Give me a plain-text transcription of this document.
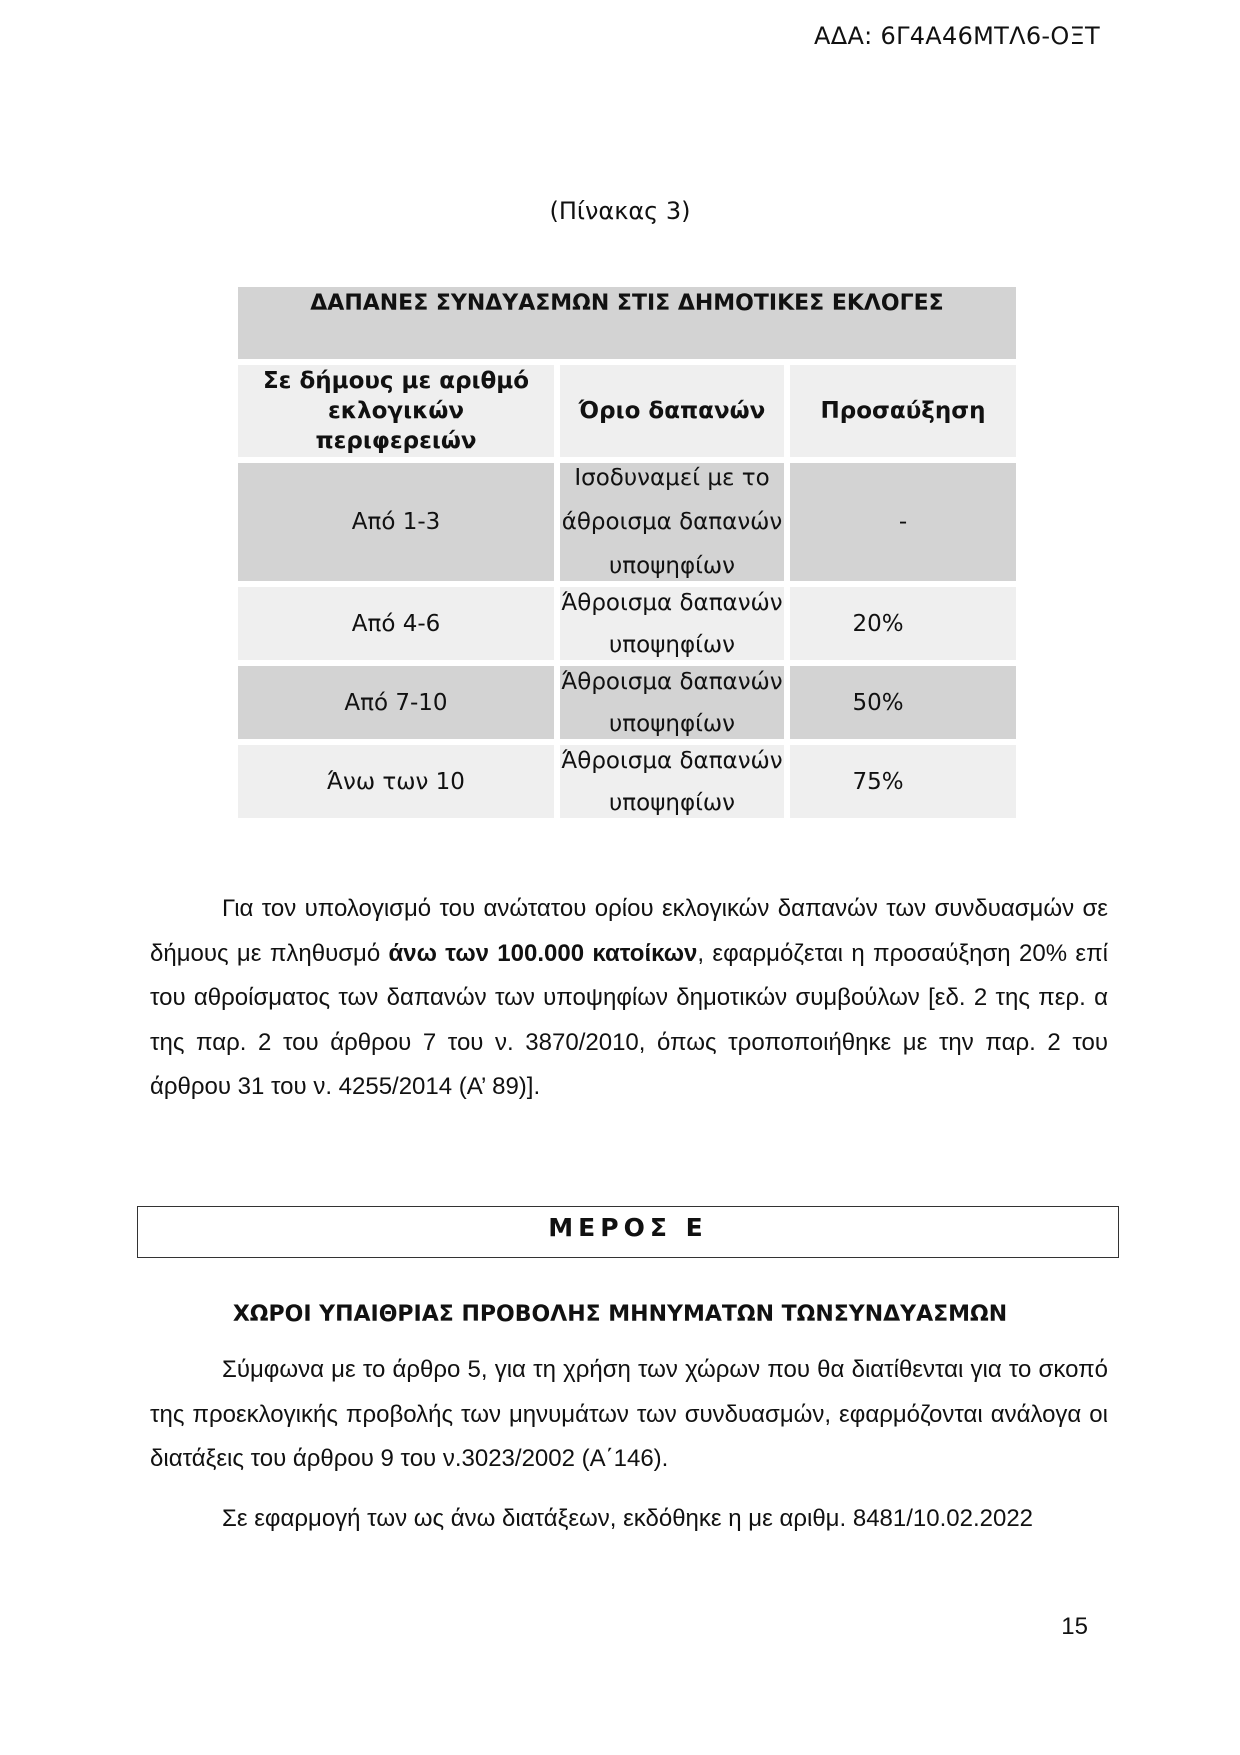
ΑΔΑ: 6Γ4Α46ΜΤΛ6-ΟΞΤ
(Πίνακας 3)
ΔΑΠΑΝΕΣ ΣΥΝΔΥΑΣΜΩΝ ΣΤΙΣ ΔΗΜΟΤΙΚΕΣ ΕΚΛΟΓΕΣ
Σε δήμους με αριθμό
εκλογικών
περιφερειών
Όριο δαπανών Προσαύξηση
Από 1-3
Ισοδυναμεί με το
άθροισμα δαπανών
υποψηφίων
-
Από 4-6
Άθροισμα δαπανών
υποψηφίων
20%
Από 7-10
Άθροισμα δαπανών
υποψηφίων
50%
Άνω των 10
Άθροισμα δαπανών
υποψηφίων
75%

Για τον υπολογισμό του ανώτατου ορίου εκλογικών δαπανών των συνδυασμών σε δήμους με πληθυσμό άνω των 100.000 κατοίκων, εφαρμόζεται η προσαύξηση 20% επί του αθροίσματος των δαπανών των υποψηφίων δημοτικών συμβούλων [εδ. 2 της περ. α της παρ. 2 του άρθρου 7 του ν. 3870/2010, όπως τροποποιήθηκε με την παρ. 2 του άρθρου 31 του ν. 4255/2014 (Α’ 89)].

ΜΕΡΟΣ Ε
ΧΩΡΟΙ ΥΠΑΙΘΡΙΑΣ ΠΡΟΒΟΛΗΣ ΜΗΝΥΜΑΤΩΝ ΤΩΝΣΥΝΔΥΑΣΜΩΝ

Σύμφωνα με το άρθρο 5, για τη χρήση των χώρων που θα διατίθενται για το σκοπό της προεκλογικής προβολής των μηνυμάτων των συνδυασμών, εφαρμόζονται ανάλογα οι διατάξεις του άρθρου 9 του ν.3023/2002 (Α΄146).

Σε εφαρμογή των ως άνω διατάξεων, εκδόθηκε η με αριθμ. 8481/10.02.2022

15
